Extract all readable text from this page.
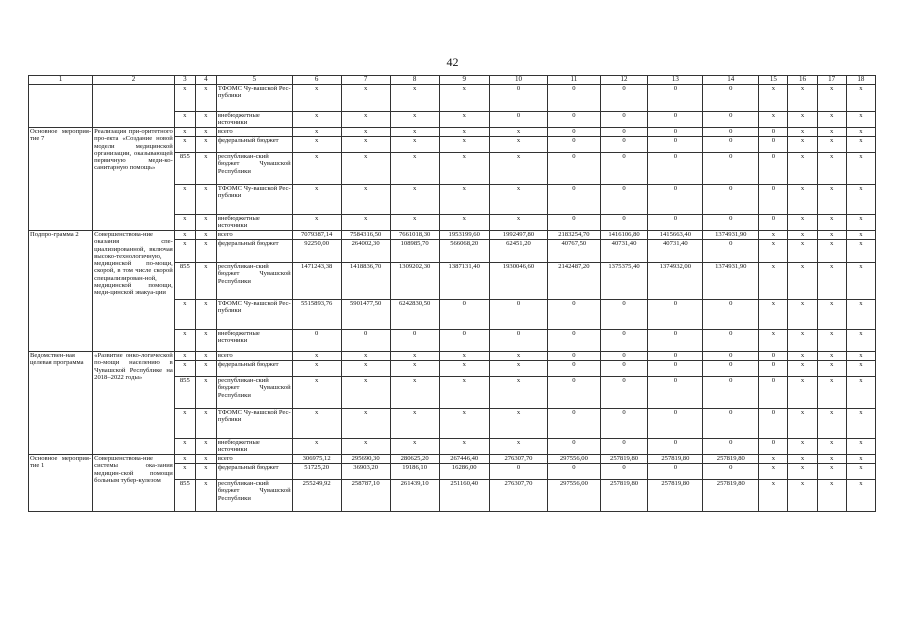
42
1	2	3	4	5	6	7	8	9	10	11	12	13	14	15	16	17	18
		x	x	ТФОМС Чу-вашской Рес-публики	x	x	x	x	0	0	0	0	0	x	x	x	x
		x	x	внебюджетные источники	x	x	x	x	0	0	0	0	0	x	x	x	x
Основное мероприя-тие 7	Реализация при-оритетного про-екта «Создание новой модели медицинской организации, оказывающей первичную меди-ко-санитарную помощь»	x	x	всего	x	x	x	x	x	0	0	0	0	0	x	x	x
		x	x	федеральный бюджет	x	x	x	x	x	0	0	0	0	0	x	x	x
		855	x	республикан-ский бюджет Чувашской Республики	x	x	x	x	x	0	0	0	0	0	x	x	x
		x	x	ТФОМС Чу-вашской Рес-публики	x	x	x	x	x	0	0	0	0	0	x	x	x
		x	x	внебюджетные источники	x	x	x	x	x	0	0	0	0	0	x	x	x
Подпро-грамма 2	Совершенствова-ние оказания спе-циализированной, включая высоко-технологичную, медицинской по-мощи, скорой, в том числе скорой специализирован-ной, медицинской помощи, меди-цинской эвакуа-ции	x	x	всего	7079387,14	7584316,50	7661018,30	1953199,60	1992497,80	2183254,70	1416106,80	1415663,40	1374931,90	x	x	x	x
		x	x	федеральный бюджет	92250,00	264002,30	108985,70	566068,20	62451,20	40767,50	40731,40	40731,40	0	x	x	x	x
		855	x	республикан-ский бюджет Чувашской Республики	1471243,38	1418836,70	1309202,30	1387131,40	1930046,60	2142487,20	1375375,40	1374932,00	1374931,90	x	x	x	x
		x	x	ТФОМС Чу-вашской Рес-публики	5515893,76	5901477,50	6242830,50	0	0	0	0	0	0	x	x	x	x
		x	x	внебюджетные источники	0	0	0	0	0	0	0	0	0	x	x	x	x
Ведомствен-ная целевая программа	«Развитие онко-логической по-мощи населению в Чувашской Республике на 2018–2022 годы»	x	x	всего	x	x	x	x	x	0	0	0	0	0	x	x	x
		x	x	федеральный бюджет	x	x	x	x	x	0	0	0	0	0	x	x	x
		855	x	республикан-ский бюджет Чувашской Республики	x	x	x	x	x	0	0	0	0	0	x	x	x
		x	x	ТФОМС Чу-вашской Рес-публики	x	x	x	x	x	0	0	0	0	0	x	x	x
		x	x	внебюджетные источники	x	x	x	x	x	0	0	0	0	0	x	x	x
Основное мероприя-тие 1	Совершенствова-ние системы ока-зания медицин-ской помощи больным тубер-кулезом	x	x	всего	306975,12	295690,30	280625,20	267446,40	276307,70	297556,00	257819,80	257819,80	257819,80	x	x	x	x
		x	x	федеральный бюджет	51725,20	36903,20	19186,10	16286,00	0	0	0	0	0	x	x	x	x
		855	x	республикан-ский бюджет Чувашской Республики	255249,92	258787,10	261439,10	251160,40	276307,70	297556,00	257819,80	257819,80	257819,80	x	x	x	x
